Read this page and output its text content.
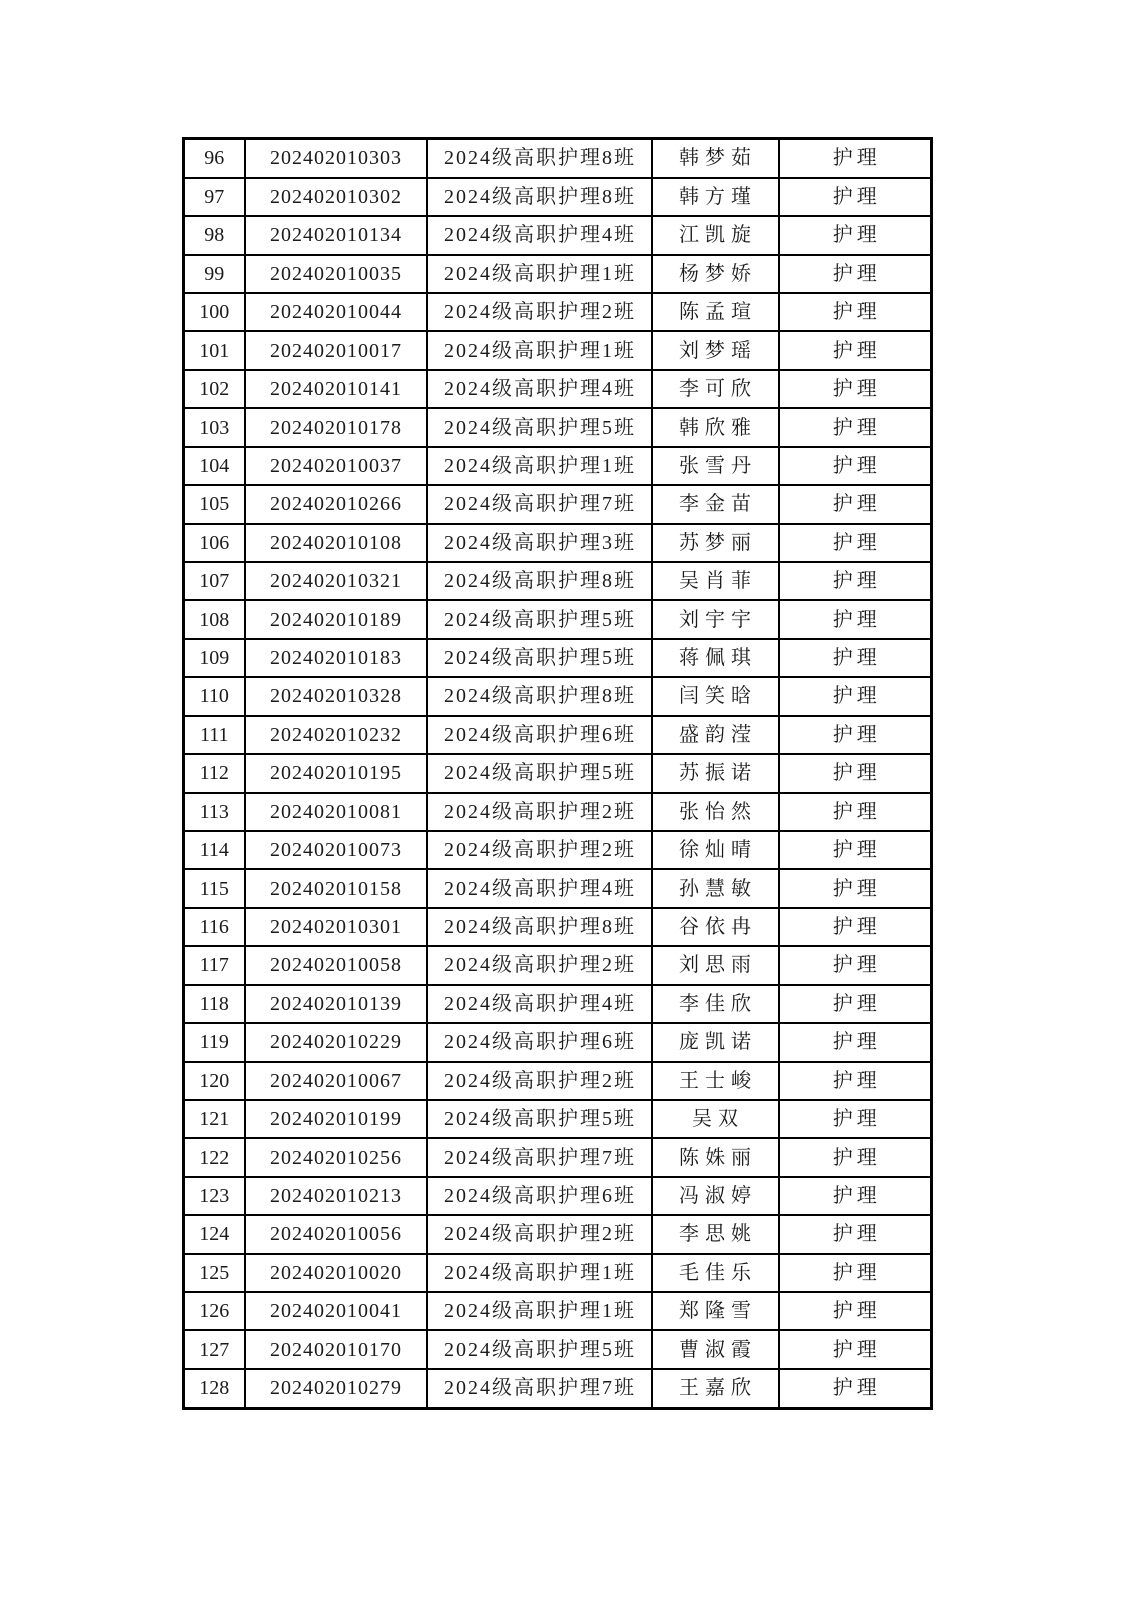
96	202402010303	2024级高职护理8班	韩梦茹	护理
97	202402010302	2024级高职护理8班	韩方瑾	护理
98	202402010134	2024级高职护理4班	江凯旋	护理
99	202402010035	2024级高职护理1班	杨梦娇	护理
100	202402010044	2024级高职护理2班	陈孟瑄	护理
101	202402010017	2024级高职护理1班	刘梦瑶	护理
102	202402010141	2024级高职护理4班	李可欣	护理
103	202402010178	2024级高职护理5班	韩欣雅	护理
104	202402010037	2024级高职护理1班	张雪丹	护理
105	202402010266	2024级高职护理7班	李金苗	护理
106	202402010108	2024级高职护理3班	苏梦丽	护理
107	202402010321	2024级高职护理8班	吴肖菲	护理
108	202402010189	2024级高职护理5班	刘宇宇	护理
109	202402010183	2024级高职护理5班	蒋佩琪	护理
110	202402010328	2024级高职护理8班	闫笑晗	护理
111	202402010232	2024级高职护理6班	盛韵滢	护理
112	202402010195	2024级高职护理5班	苏振诺	护理
113	202402010081	2024级高职护理2班	张怡然	护理
114	202402010073	2024级高职护理2班	徐灿晴	护理
115	202402010158	2024级高职护理4班	孙慧敏	护理
116	202402010301	2024级高职护理8班	谷依冉	护理
117	202402010058	2024级高职护理2班	刘思雨	护理
118	202402010139	2024级高职护理4班	李佳欣	护理
119	202402010229	2024级高职护理6班	庞凯诺	护理
120	202402010067	2024级高职护理2班	王士峻	护理
121	202402010199	2024级高职护理5班	吴双	护理
122	202402010256	2024级高职护理7班	陈姝丽	护理
123	202402010213	2024级高职护理6班	冯淑婷	护理
124	202402010056	2024级高职护理2班	李思姚	护理
125	202402010020	2024级高职护理1班	毛佳乐	护理
126	202402010041	2024级高职护理1班	郑隆雪	护理
127	202402010170	2024级高职护理5班	曹淑霞	护理
128	202402010279	2024级高职护理7班	王嘉欣	护理
